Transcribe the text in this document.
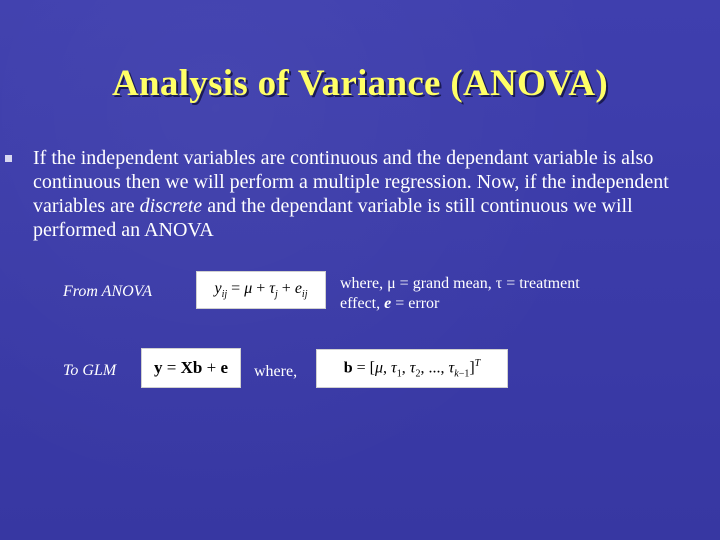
Analysis of Variance (ANOVA)
If the independent variables are continuous and the dependant variable is also continuous then we will perform a multiple regression. Now, if the independent variables are discrete and the dependant variable is still continuous we will performed an ANOVA
From ANOVA	$y_{ij} = \mu + \tau_j + e_{ij}$
where, μ = grand mean, τ = treatment
effect, e = error
To GLM y = Xb + e where,	b = [μ, $\tau_1$, $\tau_2$, ..., $\tau_{k-1}]^T$
